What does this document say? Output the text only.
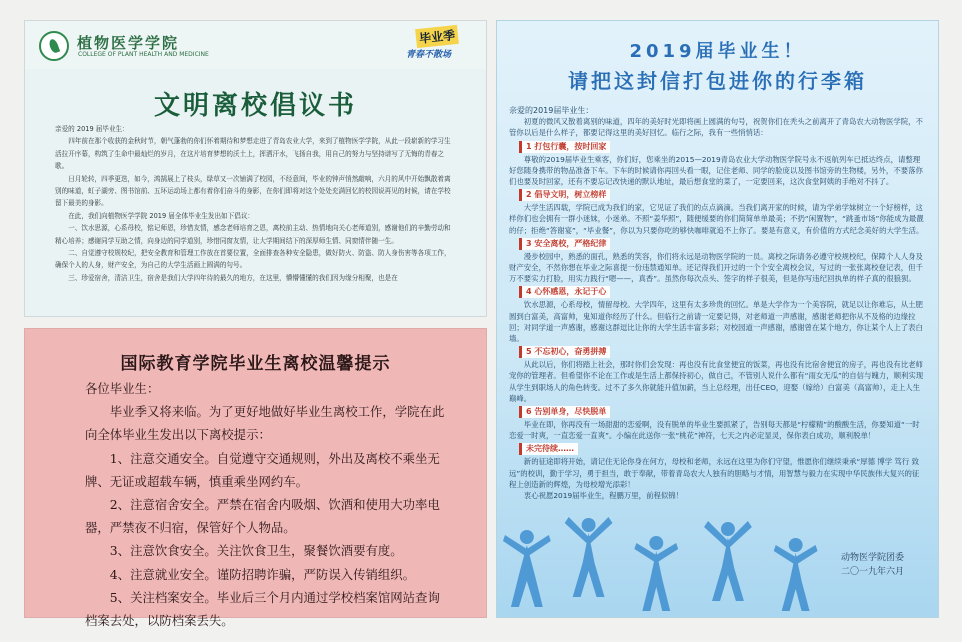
植物医学学院
COLLEGE OF PLANT HEALTH AND MEDICINE
毕业季
青春不散场
文明离校倡议书

亲爱的 2019 届毕业生：

四年前在那个收获的金秋时节，朝气蓬勃的你们怀着期待和梦想走进了青岛农业大学，来到了植物医学学院，从此一段崭新的学习生活拉开序幕，构筑了生命中最灿烂的岁月，在这片培育梦想的沃土上，挥洒汗水，飞扬自我，用自己的努力与坚持谱写了无悔的青春之歌。

日月轮转，四季更迭，如今，鸿鹄展上了枝头，绿草又一次铺满了校园，不经意间，毕业的钟声悄然敲响，六月的风中开始飘散着离别的味道，虹子湖旁、图书馆前、五环运动场上都有着你们奋斗的身影，在你们即将对这个处处充满回忆的校园说再见的时候，请在学校留下最美的身影。

在此，我们向植物医学学院 2019 届全体毕业生发出如下倡议：

一、饮水思源，心系母校，铭记师恩，珍惜友情，感念老师培育之恩，离校前主动、热情地向关心老师道别，感谢他们的辛勤劳动和精心培养；感谢同学互助之情，向身边的同学道别，珍惜同窗友情，让大学期间结下的深厚师生情、同窗情伴随一生。

二、自觉遵守校规校纪，把安全教育和管理工作放在首要位置，全面排查各种安全隐患，做好防火、防盗、防人身伤害等各项工作，确保个人的人身，财产安全，为自己的大学生活画上圆满的句号。

三、珍爱宿舍，清洁卫生，宿舍是我们大学四年待的最久的地方，在这里，懵懵懂懂的我们因为缘分相聚，也是在

国际教育学院毕业生离校温馨提示

各位毕业生：

毕业季又将来临。为了更好地做好毕业生离校工作，学院在此向全体毕业生发出以下离校提示：

1、注意交通安全。自觉遵守交通规则，外出及离校不乘坐无牌、无证或超载车辆，慎重乘坐网约车。

2、注意宿舍安全。严禁在宿舍内吸烟、饮酒和使用大功率电器，严禁夜不归宿，保管好个人物品。

3、注意饮食安全。关注饮食卫生，聚餐饮酒要有度。

4、注意就业安全。谨防招聘诈骗，严防误入传销组织。

5、关注档案安全。毕业后三个月内通过学校档案馆网站查询档案去处，以防档案丢失。

2019届毕业生！
请把这封信打包进你的行李箱

亲爱的2019届毕业生：

初夏的微风又散着离别的味道，四年的美好时光即将画上圆满的句号，祝贺你们在秃头之前离开了青岛农大动物医学院，不管你以后是什么样子，都要记得这里的美好回忆。临行之际，我有一些悄悄话：

1 打包行囊，按时回家

尊敬的2019届毕业生乘客，你们好，您乘坐的2015—2019青岛农业大学动物医学院号永不返航列车已抵达终点，请整理好您随身携带的物品准备下车。下车的时候请你再回头看一眼，记住老师、同学的脸庞以及图书馆旁的生物楼，另外，不要落你们也要及时回家，还有不要忘记改快递的默认地址，最后想食堂的菜了，一定要回来，这次食堂阿姨的手绝对不抖了。

2 倡导文明，树立榜样

大学生活四载，学院已成为我们的家，它见证了我们的点点滴滴。当我们离开家的时候，请为学弟学妹树立一个好榜样，这样你们也会拥有一群小迷妹，小迷弟。不照“姜华照”，随便缓要的你们简简单单最美；不扔“闲置物”，“跳蚤市场”你能成为最靓的仔；拒绝“答谢宴”，“毕业餐”，你以为只要你吃的够快咖啡就追不上你了。要是有意义，有价值的方式纪念美好的大学生活。

3 安全离校，严格纪律

漫步校园中，熟悉的面孔，熟悉的笑容，你们将永远是动物医学院的一员。离校之际请务必遵守校规校纪，保障个人人身及财产安全，不然你想在毕业之际喜提一份违禁通知单。还记得我们开过的一个个安全离校会议，写过的一张张离校登记表，但千万不要实力打脸，用实力践行“嗯——，真香”。虽然你每次点头、签字的样子很美，但是你写违纪回执单的样子真的很狼狈。

4 心怀感恩，永记于心

饮水思源，心系母校，情留母校。大学四年，这里有太多珍贵的回忆。单是大学作为一个美容院，就足以让你难忘，从土肥圆到白富美，高富帅，鬼知道你经历了什么。但临行之前请一定要记得，对老师道一声感谢，感谢老师把你从不及格的边缘拉回；对同学道一声感谢，感谢这群逗比让你的大学生活丰富多彩；对校园道一声感谢，感谢曾在某个地方，你让某个人上了表白墙。

5 不忘初心，奋勇拼搏

从此以后，你们将踏上社会，那时你们会发现：再也没有比食堂便宜的饭菜，再也没有比宿舍便宜的房子，再也没有比老师宠你的管理者。但希望你不论在工作或是生活上都保持初心，做自己，不管别人说什么都有“雨女无瓜”的自信与魄力，顺利实现从学生到职场人的角色转变。过不了多久你就能升值加薪，当上总经理，出任CEO，迎娶（嫁给）白富美（高富帅），走上人生巅峰。

6 告别单身，尽快脱单

毕业在即，你再没有一场甜甜的恋爱啊，没有脱单的毕业生要抓紧了，告别每天都是“柠檬精”的酸酸生活，你要知道“一时恋爱一时爽，一直恋爱一直爽”。小编在此送你一张“桃花”神符，七天之内必定显灵，保你表白成功，顺利脱单！

未完待续……

新的征途即将开始，请记住无论你身在何方，母校和老师，永远在这里为你们守望，惟愿你们继续秉承“厚德 博学 笃行 致远”的校训，勤于学习，勇于担当，敢于奉献，带着青岛农大人独有的胆略与才情，用智慧与毅力在实现中华民族伟大复兴的征程上创造新的辉煌，为母校增光添彩！

衷心祝愿2019届毕业生，程鹏万里，前程似锦！

动物医学院团委
二〇一九年六月
